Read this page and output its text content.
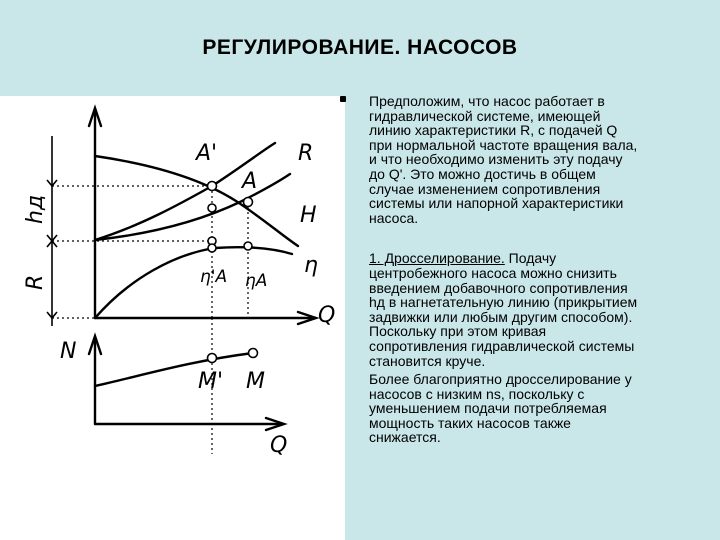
РЕГУЛИРОВАНИЕ. НАСОСОВ
A'
A
R
H
η
η'A ηA
Q
N
M' M
Q
hд
R

Предположим, что насос работает в
гидравлической системе, имеющей
линию характеристики R, с подачей Q
при нормальной частоте вращения вала,
и что необходимо изменить эту подачу
до Q'. Это можно достичь в общем
случае изменением сопротивления
системы или напорной характеристики
насоса.

1. Дросселирование. Подачу
центробежного насоса можно снизить
введением добавочного сопротивления
hд в нагнетательную линию (прикрытием
задвижки или любым другим способом).
Поскольку при этом кривая
сопротивления гидравлической системы
становится круче.

Более благоприятно дросселирование у
насосов с низким ns, поскольку с
уменьшением подачи потребляемая
мощность таких насосов также
снижается.
